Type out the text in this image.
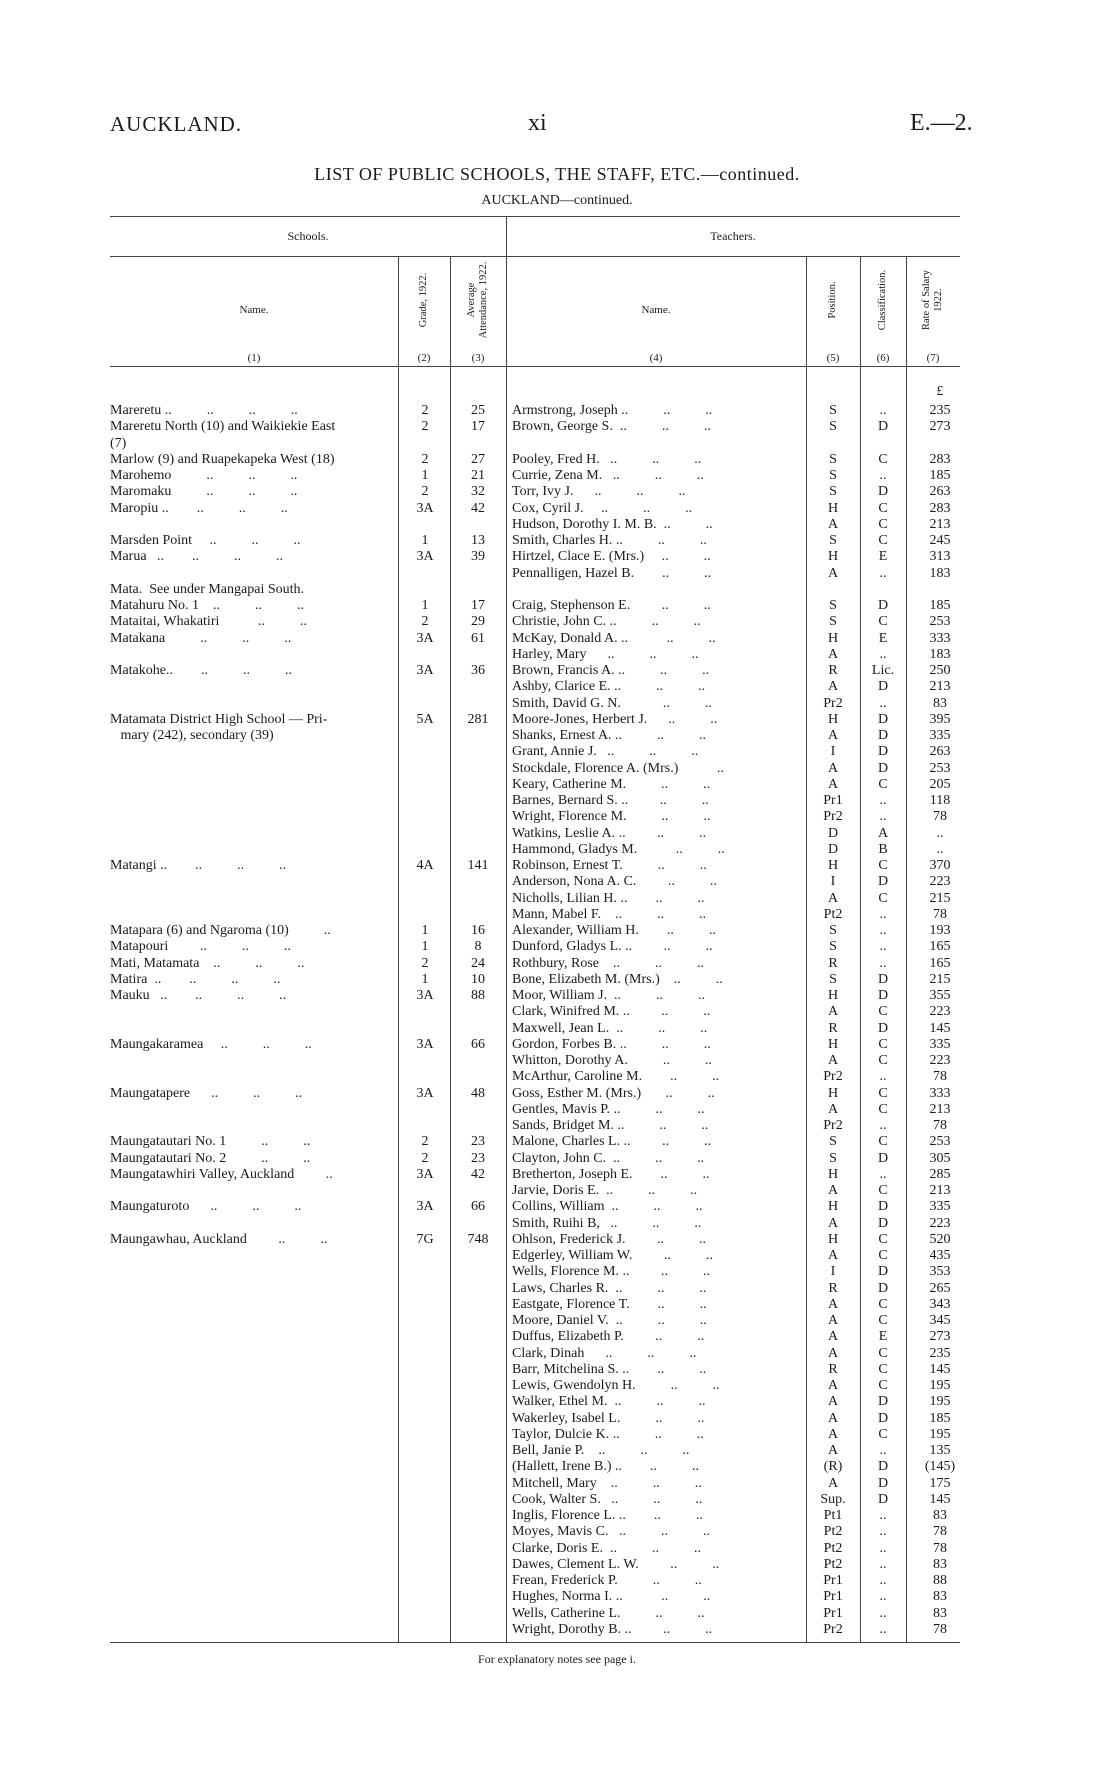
AUCKLAND.	xi	E.—2.
LIST OF PUBLIC SCHOOLS, THE STAFF, ETC.—continued.
AUCKLAND—continued.
Schools.	Teachers.
Name.	Grade, 1922.	Average Attendance, 1922.	Name.	Position.	Classification.	Rate of Salary 1922.
(1)	(2)	(3)	(4)	(5)	(6)	(7)
£
Mareretu ..          ..          ..          ..	2	25	Armstrong, Joseph ..          ..          ..	S	..	235
Mareretu North (10) and Waikiekie East	2	17	Brown, George S.  ..          ..          ..	S	D	273
(7)
Marlow (9) and Ruapekapeka West (18)	2	27	Pooley, Fred H.   ..          ..          ..	S	C	283
Marohemo          ..          ..          ..	1	21	Currie, Zena M.   ..          ..          ..	S	..	185
Maromaku          ..          ..          ..	2	32	Torr, Ivy J.      ..          ..          ..	S	D	263
Maropiu ..        ..          ..          ..	3A	42	Cox, Cyril J.     ..          ..          ..	H	C	283
Hudson, Dorothy I. M. B.  ..          ..	A	C	213
Marsden Point     ..          ..          ..	1	13	Smith, Charles H. ..          ..          ..	S	C	245
Marua   ..        ..          ..          ..	3A	39	Hirtzel, Clace E. (Mrs.)     ..          ..	H	E	313
Pennalligen, Hazel B.        ..          ..	A	..	183
Mata.  See under Mangapai South.
Matahuru No. 1    ..          ..          ..	1	17	Craig, Stephenson E.         ..          ..	S	D	185
Mataitai, Whakatiri           ..          ..	2	29	Christie, John C. ..          ..          ..	S	C	253
Matakana          ..          ..          ..	3A	61	McKay, Donald A. ..           ..          ..	H	E	333
Harley, Mary      ..          ..          ..	A	..	183
Matakohe..        ..          ..          ..	3A	36	Brown, Francis A. ..          ..          ..	R	Lic.	250
Ashby, Clarice E. ..          ..          ..	A	D	213
Smith, David G. N.            ..          ..	Pr2	..	83
Matamata District High School — Pri-	5A	281	Moore-Jones, Herbert J.      ..          ..	H	D	395
mary (242), secondary (39)	Shanks, Ernest A. ..          ..          ..	A	D	335
Grant, Annie J.   ..          ..          ..	I	D	263
Stockdale, Florence A. (Mrs.)           ..	A	D	253
Keary, Catherine M.          ..          ..	A	C	205
Barnes, Bernard S. ..         ..          ..	Pr1	..	118
Wright, Florence M.          ..          ..	Pr2	..	78
Watkins, Leslie A. ..         ..          ..	D	A	..
Hammond, Gladys M.           ..          ..	D	B	..
Matangi ..        ..          ..          ..	4A	141	Robinson, Ernest T.          ..          ..	H	C	370
Anderson, Nona A. C.         ..          ..	I	D	223
Nicholls, Lilian H. ..        ..          ..	A	C	215
Mann, Mabel F.    ..          ..          ..	Pt2	..	78
Matapara (6) and Ngaroma (10)          ..	1	16	Alexander, William H.        ..          ..	S	..	193
Matapouri         ..          ..          ..	1	8	Dunford, Gladys L. ..         ..          ..	S	..	165
Mati, Matamata    ..          ..          ..	2	24	Rothbury, Rose    ..          ..          ..	R	..	165
Matira  ..        ..          ..          ..	1	10	Bone, Elizabeth M. (Mrs.)    ..          ..	S	D	215
Mauku   ..        ..          ..          ..	3A	88	Moor, William J.  ..          ..          ..	H	D	355
Clark, Winifred M. ..         ..          ..	A	C	223
Maxwell, Jean L.  ..          ..          ..	R	D	145
Maungakaramea     ..          ..          ..	3A	66	Gordon, Forbes B. ..          ..          ..	H	C	335
Whitton, Dorothy A.          ..          ..	A	C	223
McArthur, Caroline M.        ..          ..	Pr2	..	78
Maungatapere      ..          ..          ..	3A	48	Goss, Esther M. (Mrs.)       ..          ..	H	C	333
Gentles, Mavis P. ..          ..          ..	A	C	213
Sands, Bridget M. ..          ..          ..	Pr2	..	78
Maungatautari No. 1          ..          ..	2	23	Malone, Charles L. ..         ..          ..	S	C	253
Maungatautari No. 2          ..          ..	2	23	Clayton, John C.  ..          ..          ..	S	D	305
Maungatawhiri Valley, Auckland         ..	3A	42	Bretherton, Joseph E.        ..          ..	H	..	285
Jarvie, Doris E.  ..          ..          ..	A	C	213
Maungaturoto      ..          ..          ..	3A	66	Collins, William  ..          ..          ..	H	D	335
Smith, Ruihi B,   ..          ..          ..	A	D	223
Maungawhau, Auckland         ..          ..	7G	748	Ohlson, Frederick J.         ..          ..	H	C	520
Edgerley, William W.         ..          ..	A	C	435
Wells, Florence M. ..         ..          ..	I	D	353
Laws, Charles R.  ..          ..          ..	R	D	265
Eastgate, Florence T.        ..          ..	A	C	343
Moore, Daniel V.  ..          ..          ..	A	C	345
Duffus, Elizabeth P.         ..          ..	A	E	273
Clark, Dinah      ..          ..          ..	A	C	235
Barr, Mitchelina S. ..        ..          ..	R	C	145
Lewis, Gwendolyn H.          ..          ..	A	C	195
Walker, Ethel M.  ..          ..          ..	A	D	195
Wakerley, Isabel L.          ..          ..	A	D	185
Taylor, Dulcie K. ..          ..          ..	A	C	195
Bell, Janie P.    ..          ..          ..	A	..	135
(Hallett, Irene B.) ..        ..          ..	(R)	D	(145)
Mitchell, Mary    ..          ..          ..	A	D	175
Cook, Walter S.   ..          ..          ..	Sup.	D	145
Inglis, Florence L. ..        ..          ..	Pt1	..	83
Moyes, Mavis C.   ..          ..          ..	Pt2	..	78
Clarke, Doris E.  ..          ..          ..	Pt2	..	78
Dawes, Clement L. W.         ..          ..	Pt2	..	83
Frean, Frederick P.          ..          ..	Pr1	..	88
Hughes, Norma I. ..           ..          ..	Pr1	..	83
Wells, Catherine L.          ..          ..	Pr1	..	83
Wright, Dorothy B. ..         ..          ..	Pr2	..	78
For explanatory notes see page i.
